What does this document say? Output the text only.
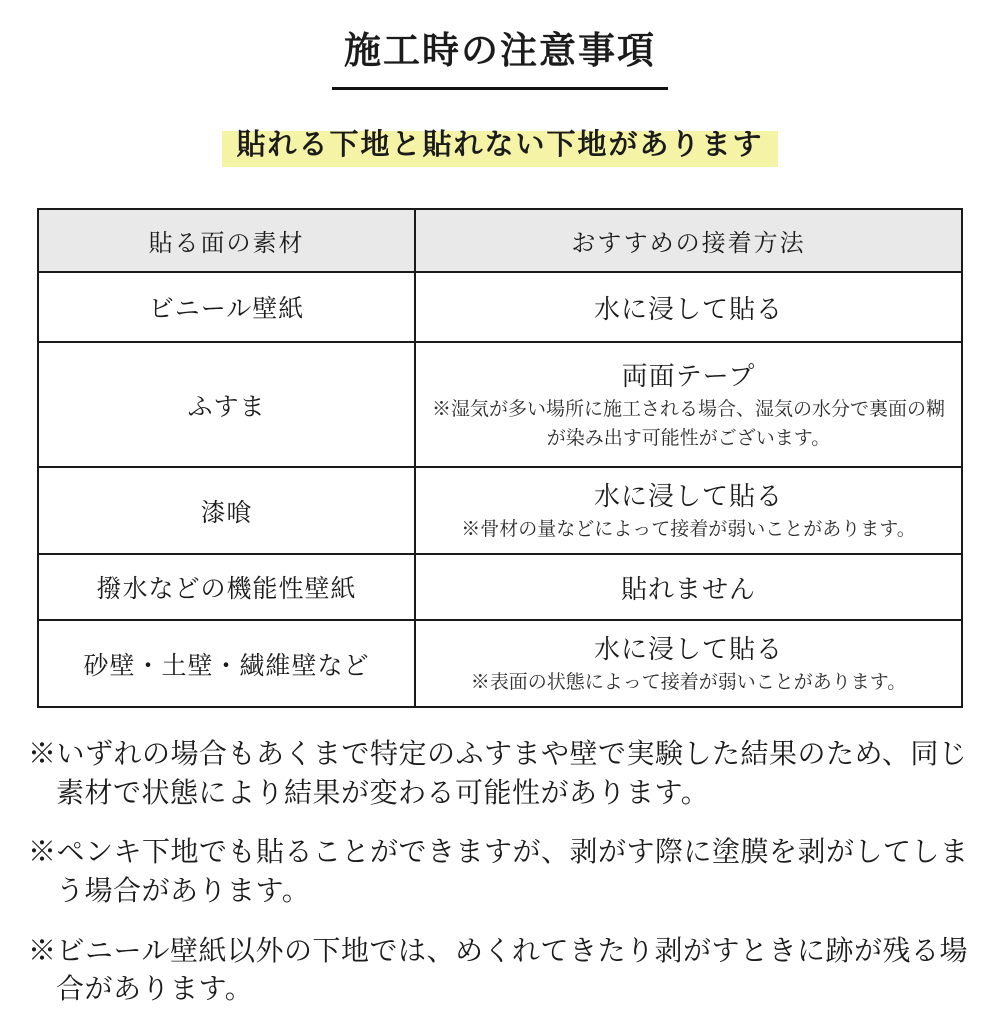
施工時の注意事項
貼れる下地と貼れない下地があります
貼る面の素材	おすすめの接着方法
ビニール壁紙	水に浸して貼る

ふすま	両面テープ
※湿気が多い場所に施工される場合、湿気の水分で裏面の糊が染み出す可能性がございます。

漆喰	水に浸して貼る
※骨材の量などによって接着が弱いことがあります。

撥水などの機能性壁紙	貼れません

砂壁・土壁・繊維壁など	水に浸して貼る
※表面の状態によって接着が弱いことがあります。

※いずれの場合もあくまで特定のふすまや壁で実験した結果のため、同じ素材で状態により結果が変わる可能性があります。

※ペンキ下地でも貼ることができますが、剥がす際に塗膜を剥がしてしまう場合があります。

※ビニール壁紙以外の下地では、めくれてきたり剥がすときに跡が残る場合があります。
